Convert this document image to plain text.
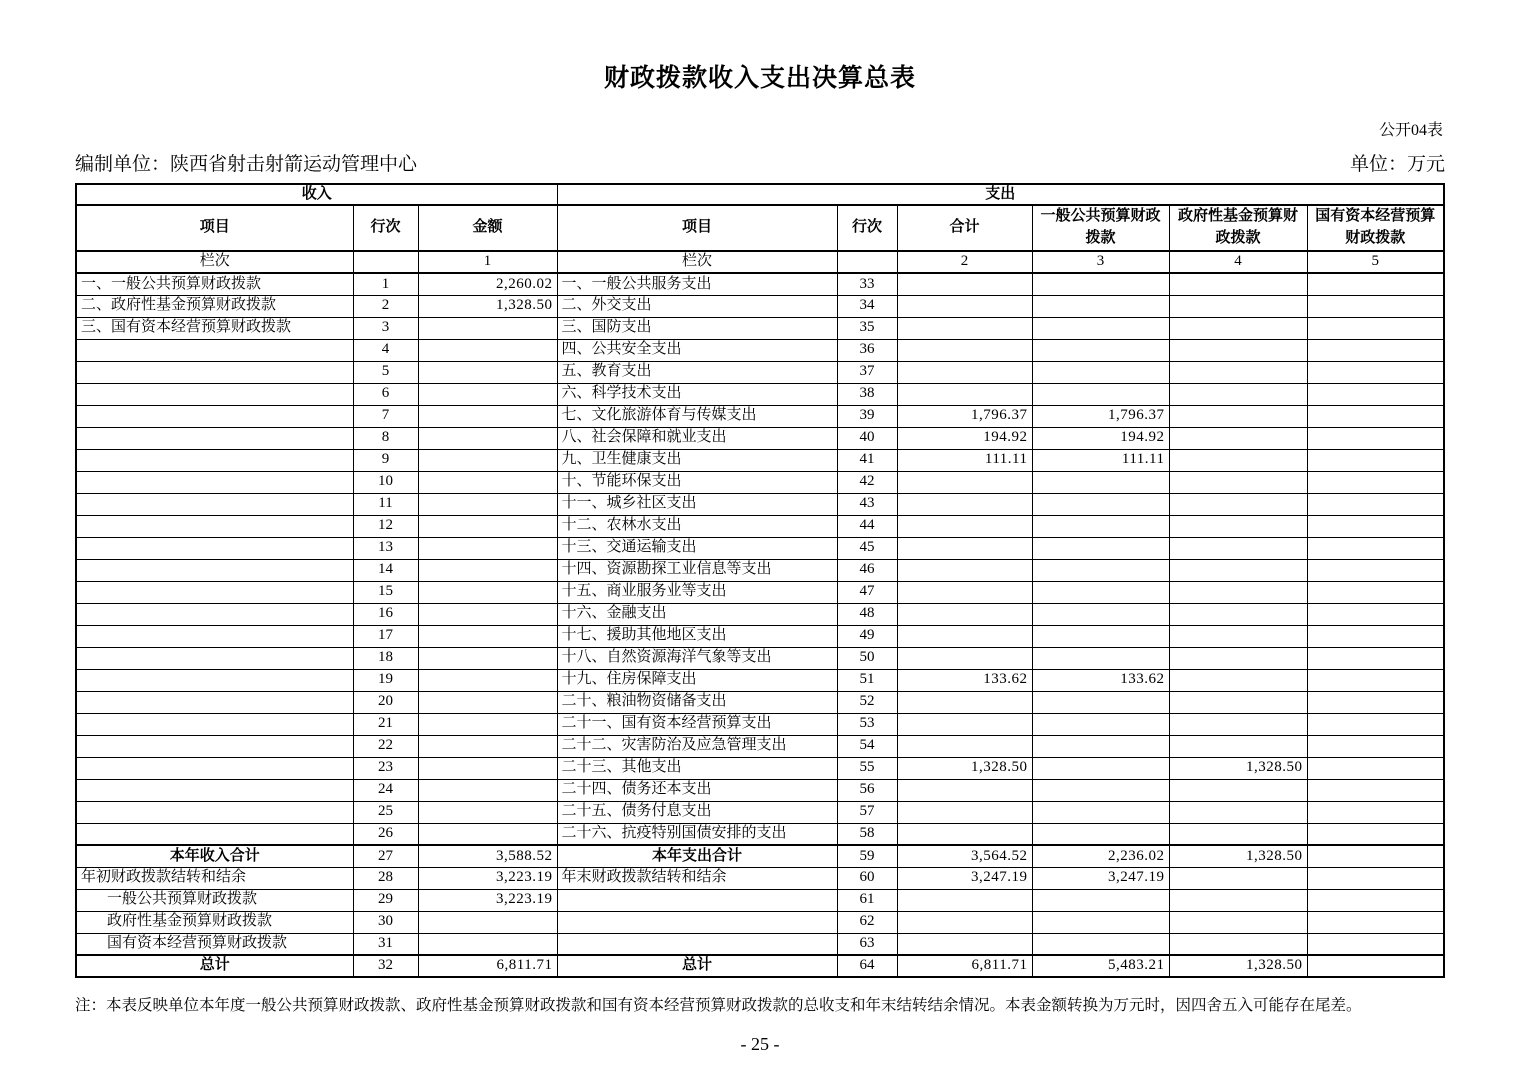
财政拨款收入支出决算总表
公开04表
编制单位：陕西省射击射箭运动管理中心	单位：万元
收入			支出					
项目	行次	金额	项目	行次	合计	一般公共预算财政拨款	政府性基金预算财政拨款	国有资本经营预算财政拨款
栏次		1	栏次		2	3	4	5
一、一般公共预算财政拨款	1	2,260.02	一、一般公共服务支出	33				
二、政府性基金预算财政拨款	2	1,328.50	二、外交支出	34				
三、国有资本经营预算财政拨款	3		三、国防支出	35				
	4		四、公共安全支出	36				
	5		五、教育支出	37				
	6		六、科学技术支出	38				
	7		七、文化旅游体育与传媒支出	39	1,796.37	1,796.37		
	8		八、社会保障和就业支出	40	194.92	194.92		
	9		九、卫生健康支出	41	111.11	111.11		
	10		十、节能环保支出	42				
	11		十一、城乡社区支出	43				
	12		十二、农林水支出	44				
	13		十三、交通运输支出	45				
	14		十四、资源勘探工业信息等支出	46				
	15		十五、商业服务业等支出	47				
	16		十六、金融支出	48				
	17		十七、援助其他地区支出	49				
	18		十八、自然资源海洋气象等支出	50				
	19		十九、住房保障支出	51	133.62	133.62		
	20		二十、粮油物资储备支出	52				
	21		二十一、国有资本经营预算支出	53				
	22		二十二、灾害防治及应急管理支出	54				
	23		二十三、其他支出	55	1,328.50		1,328.50	
	24		二十四、债务还本支出	56				
	25		二十五、债务付息支出	57				
	26		二十六、抗疫特别国债安排的支出	58				
本年收入合计	27	3,588.52	本年支出合计	59	3,564.52	2,236.02	1,328.50	
年初财政拨款结转和结余	28	3,223.19	年末财政拨款结转和结余	60	3,247.19	3,247.19		
一般公共预算财政拨款	29	3,223.19		61				
政府性基金预算财政拨款	30			62				
国有资本经营预算财政拨款	31			63				
总计	32	6,811.71	总计	64	6,811.71	5,483.21	1,328.50	
注：本表反映单位本年度一般公共预算财政拨款、政府性基金预算财政拨款和国有资本经营预算财政拨款的总收支和年末结转结余情况。本表金额转换为万元时，因四舍五入可能存在尾差。
- 25 -
